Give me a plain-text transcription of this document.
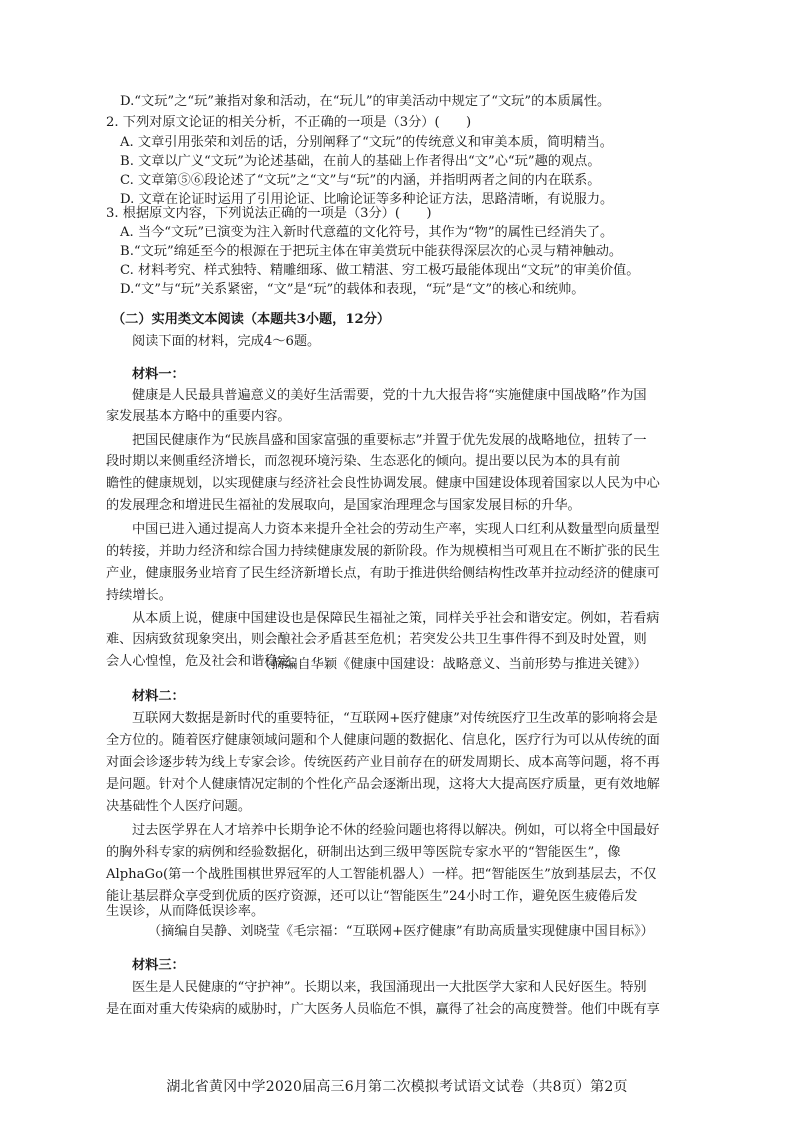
D.“文玩”之“玩”兼指对象和活动，在“玩儿”的审美活动中规定了“文玩”的本质属性。
2. 下列对原文论证的相关分析，不正确的一项是（3分）(　　)
A. 文章引用张荣和刘岳的话，分别阐释了“文玩”的传统意义和审美本质，简明精当。
B. 文章以广义“文玩”为论述基础，在前人的基础上作者得出“文”心“玩”趣的观点。
C. 文章第⑤⑥段论述了“文玩”之“文”与“玩”的内涵，并指明两者之间的内在联系。
D. 文章在论证时运用了引用论证、比喻论证等多种论证方法，思路清晰，有说服力。
3. 根据原文内容，下列说法正确的一项是（3分）(　　)
A. 当今“文玩”已演变为注入新时代意蕴的文化符号，其作为“物”的属性已经消失了。
B.“文玩”绵延至今的根源在于把玩主体在审美赏玩中能获得深层次的心灵与精神触动。
C. 材料考究、样式独特、精雕细琢、做工精湛、穷工极巧最能体现出“文玩”的审美价值。
D.“文”与“玩”关系紧密，“文”是“玩”的载体和表现，“玩”是“文”的核心和统帅。
（二）实用类文本阅读（本题共3小题，12分）
阅读下面的材料，完成4～6题。
材料一：
健康是人民最具普遍意义的美好生活需要，党的十九大报告将“实施健康中国战略”作为国
家发展基本方略中的重要内容。
把国民健康作为“民族昌盛和国家富强的重要标志”并置于优先发展的战略地位，扭转了一
段时期以来侧重经济增长，而忽视环境污染、生态恶化的倾向。提出要以民为本的具有前
瞻性的健康规划，以实现健康与经济社会良性协调发展。健康中国建设体现着国家以人民为中心
的发展理念和增进民生福祉的发展取向，是国家治理理念与国家发展目标的升华。
中国已进入通过提高人力资本来提升全社会的劳动生产率，实现人口红利从数量型向质量型
的转接，并助力经济和综合国力持续健康发展的新阶段。作为规模相当可观且在不断扩张的民生
产业，健康服务业培育了民生经济新增长点，有助于推进供给侧结构性改革并拉动经济的健康可
持续增长。
从本质上说，健康中国建设也是保障民生福祉之策，同样关乎社会和谐安定。例如，若看病
难、因病致贫现象突出，则会酿社会矛盾甚至危机；若突发公共卫生事件得不到及时处置，则
会人心惶惶，危及社会和谐稳定。
（摘编自华颖《健康中国建设：战略意义、当前形势与推进关键》）
材料二：
互联网大数据是新时代的重要特征，“互联网+医疗健康”对传统医疗卫生改革的影响将会是
全方位的。随着医疗健康领域问题和个人健康问题的数据化、信息化，医疗行为可以从传统的面
对面会诊逐步转为线上专家会诊。传统医药产业目前存在的研发周期长、成本高等问题，将不再
是问题。针对个人健康情况定制的个性化产品会逐渐出现，这将大大提高医疗质量，更有效地解
决基础性个人医疗问题。
过去医学界在人才培养中长期争论不休的经验问题也将得以解决。例如，可以将全中国最好
的胸外科专家的病例和经验数据化，研制出达到三级甲等医院专家水平的“智能医生”，像
AlphaGo(第一个战胜围棋世界冠军的人工智能机器人）一样。把“智能医生”放到基层去，不仅
能让基层群众享受到优质的医疗资源，还可以让“智能医生”24小时工作，避免医生疲倦后发
生误诊，从而降低误诊率。
（摘编自吴静、刘晓莹《毛宗福：“互联网+医疗健康”有助高质量实现健康中国目标》）
材料三：
医生是人民健康的“守护神”。长期以来，我国涌现出一大批医学大家和人民好医生。特别
是在面对重大传染病的威胁时，广大医务人员临危不惧，赢得了社会的高度赞誉。他们中既有享
湖北省黄冈中学2020届高三6月第二次模拟考试语文试卷（共8页）第2页
